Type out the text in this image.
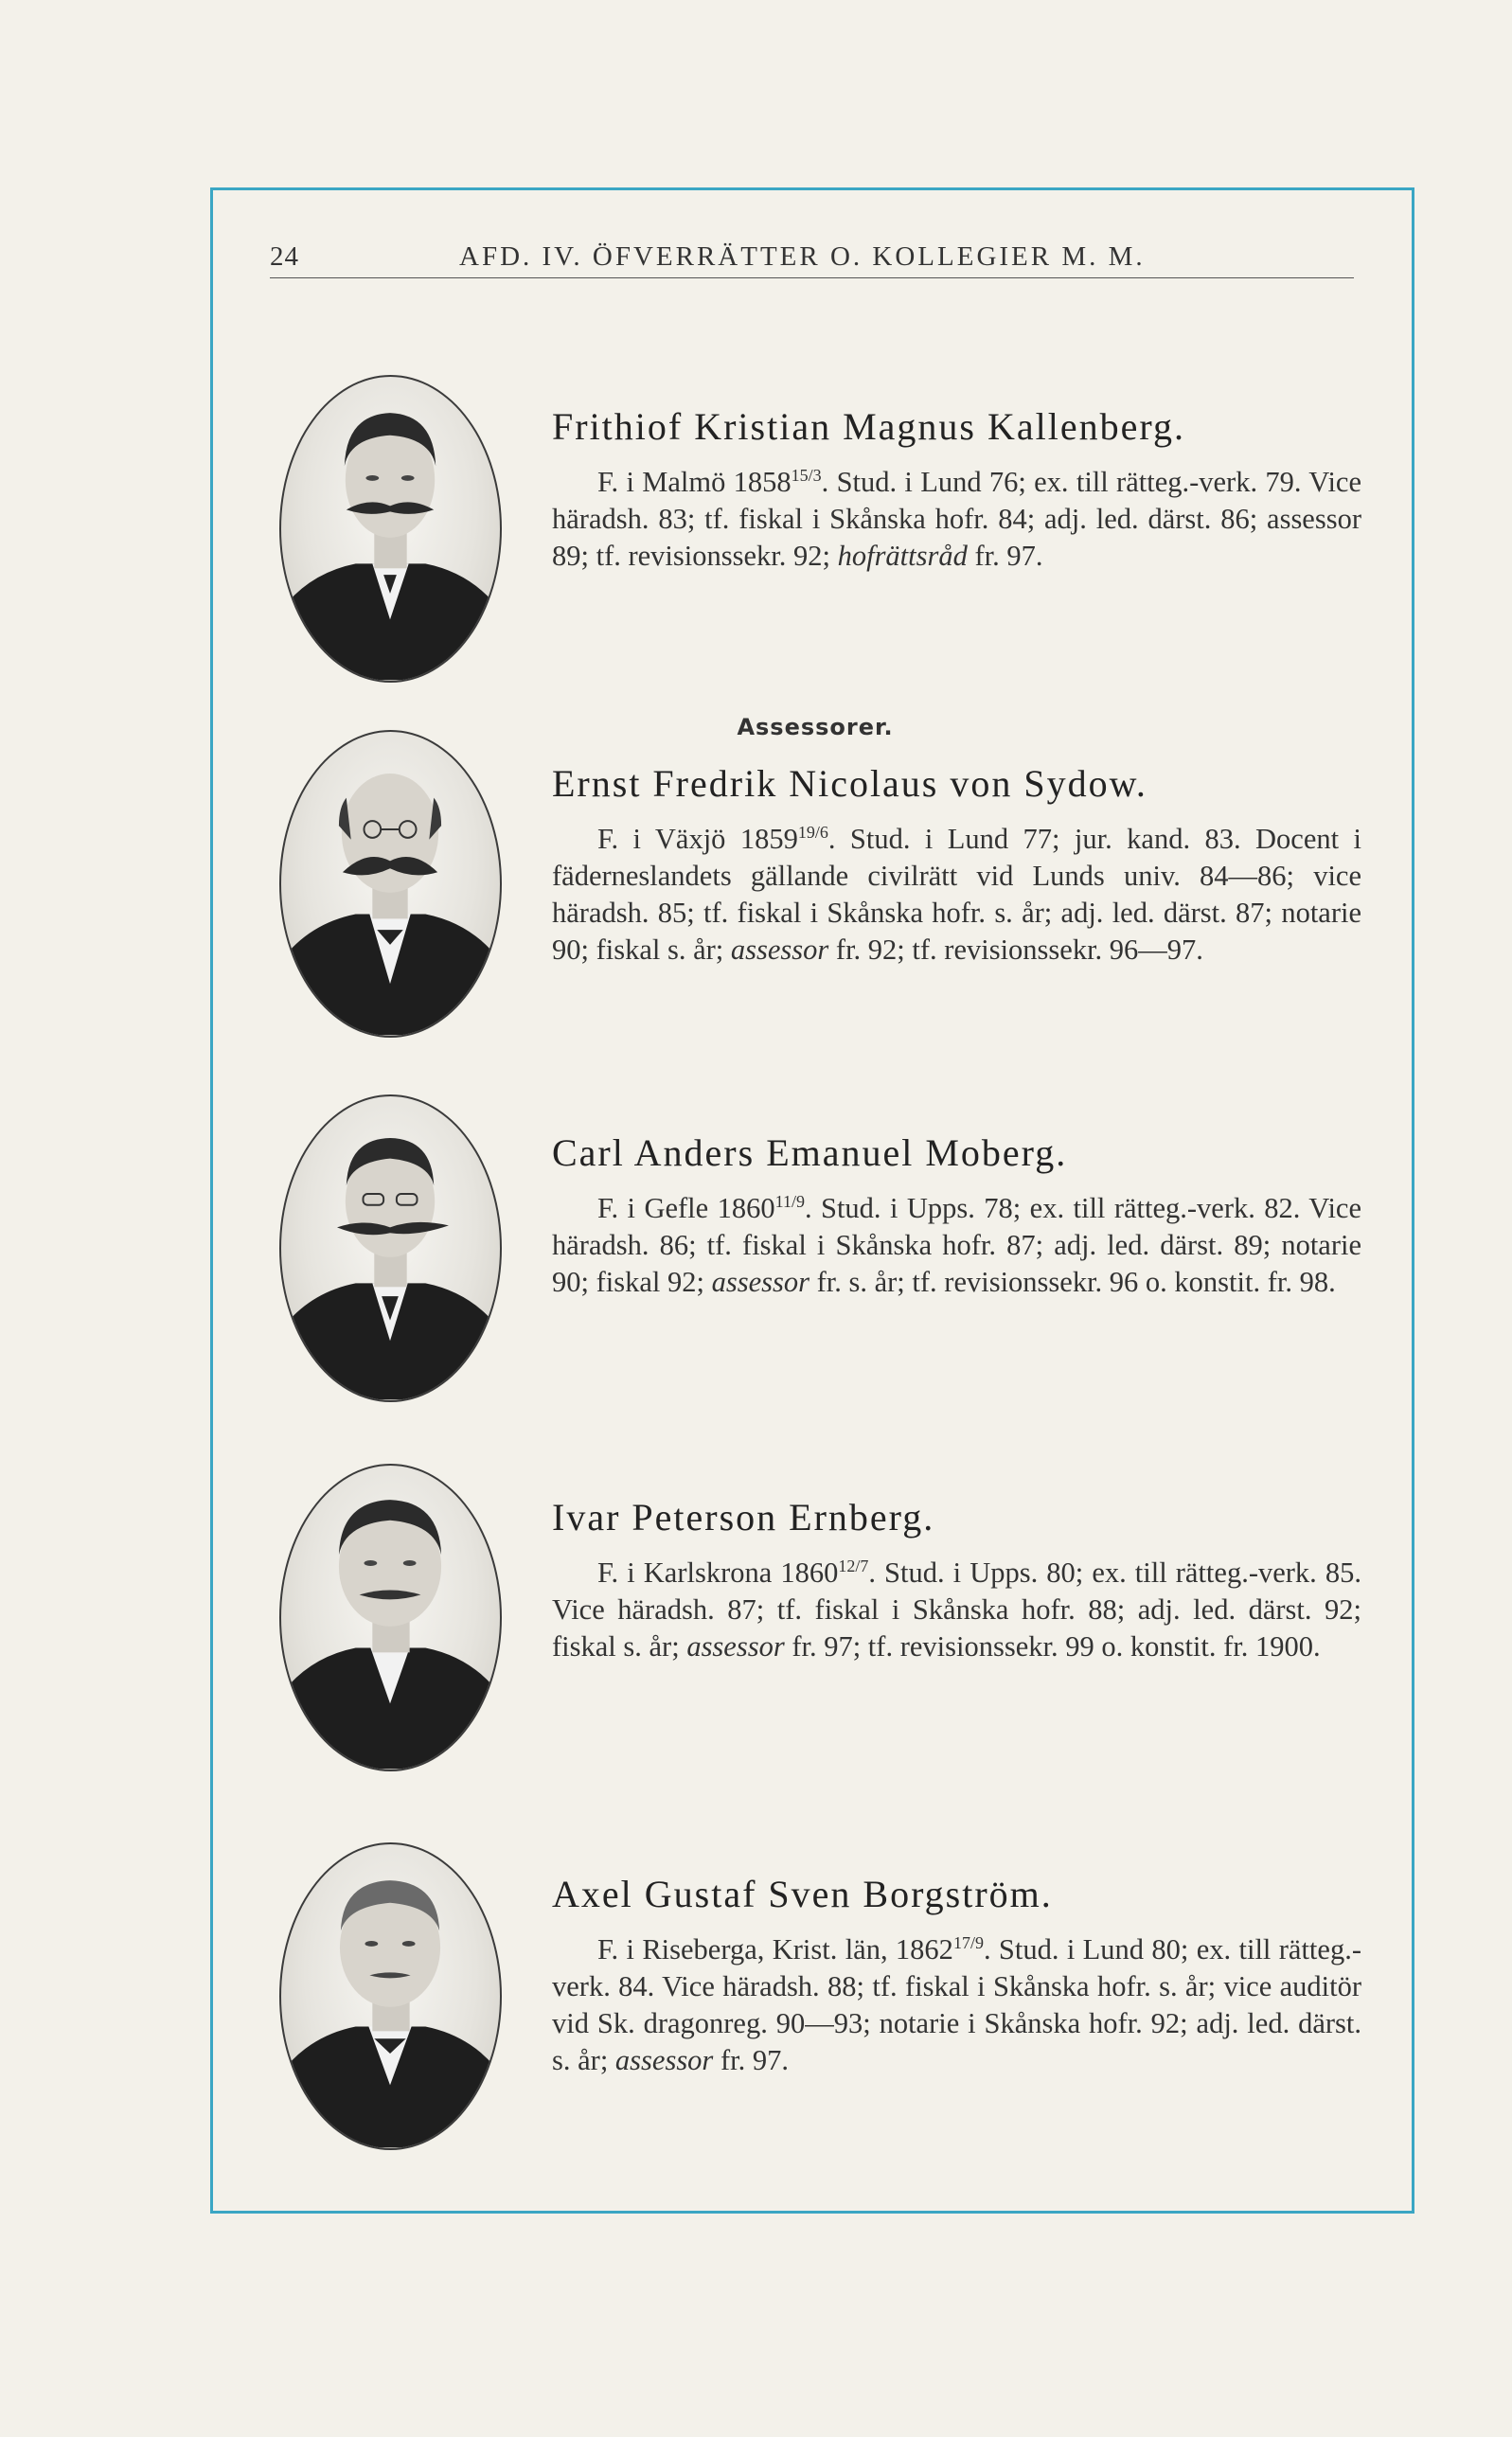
24	AFD. IV. ÖFVERRÄTTER O. KOLLEGIER M. M.

Frithiof Kristian Magnus Kallenberg.

F. i Malmö $1858^{15/3}$. Stud. i Lund 76; ex. till rätteg.-verk. 79. Vice häradsh. 83; tf. fiskal i Skånska hofr. 84; adj. led. därst. 86; assessor 89; tf. revisionssekr. 92; hofrättsråd fr. 97.

Assessorer.

Ernst Fredrik Nicolaus von Sydow.

F. i Växjö $1859^{19/6}$. Stud. i Lund 77; jur. kand. 83. Docent i fäderneslandets gällande civilrätt vid Lunds univ. 84—86; vice häradsh. 85; tf. fiskal i Skånska hofr. s. år; adj. led. därst. 87; notarie 90; fiskal s. år; assessor fr. 92; tf. revisionssekr. 96—97.

Carl Anders Emanuel Moberg.

F. i Gefle $1860^{11/9}$. Stud. i Upps. 78; ex. till rätteg.-verk. 82. Vice häradsh. 86; tf. fiskal i Skånska hofr. 87; adj. led. därst. 89; notarie 90; fiskal 92; assessor fr. s. år; tf. revisionssekr. 96 o. konstit. fr. 98.

Ivar Peterson Ernberg.

F. i Karlskrona $1860^{12/7}$. Stud. i Upps. 80; ex. till rätteg.-verk. 85. Vice häradsh. 87; tf. fiskal i Skånska hofr. 88; adj. led. därst. 92; fiskal s. år; assessor fr. 97; tf. revisionssekr. 99 o. konstit. fr. 1900.

Axel Gustaf Sven Borgström.

F. i Riseberga, Krist. län, $1862^{17/9}$. Stud. i Lund 80; ex. till rätteg.-verk. 84. Vice häradsh. 88; tf. fiskal i Skånska hofr. s. år; vice auditör vid Sk. dragonreg. 90—93; notarie i Skånska hofr. 92; adj. led. därst. s. år; assessor fr. 97.
